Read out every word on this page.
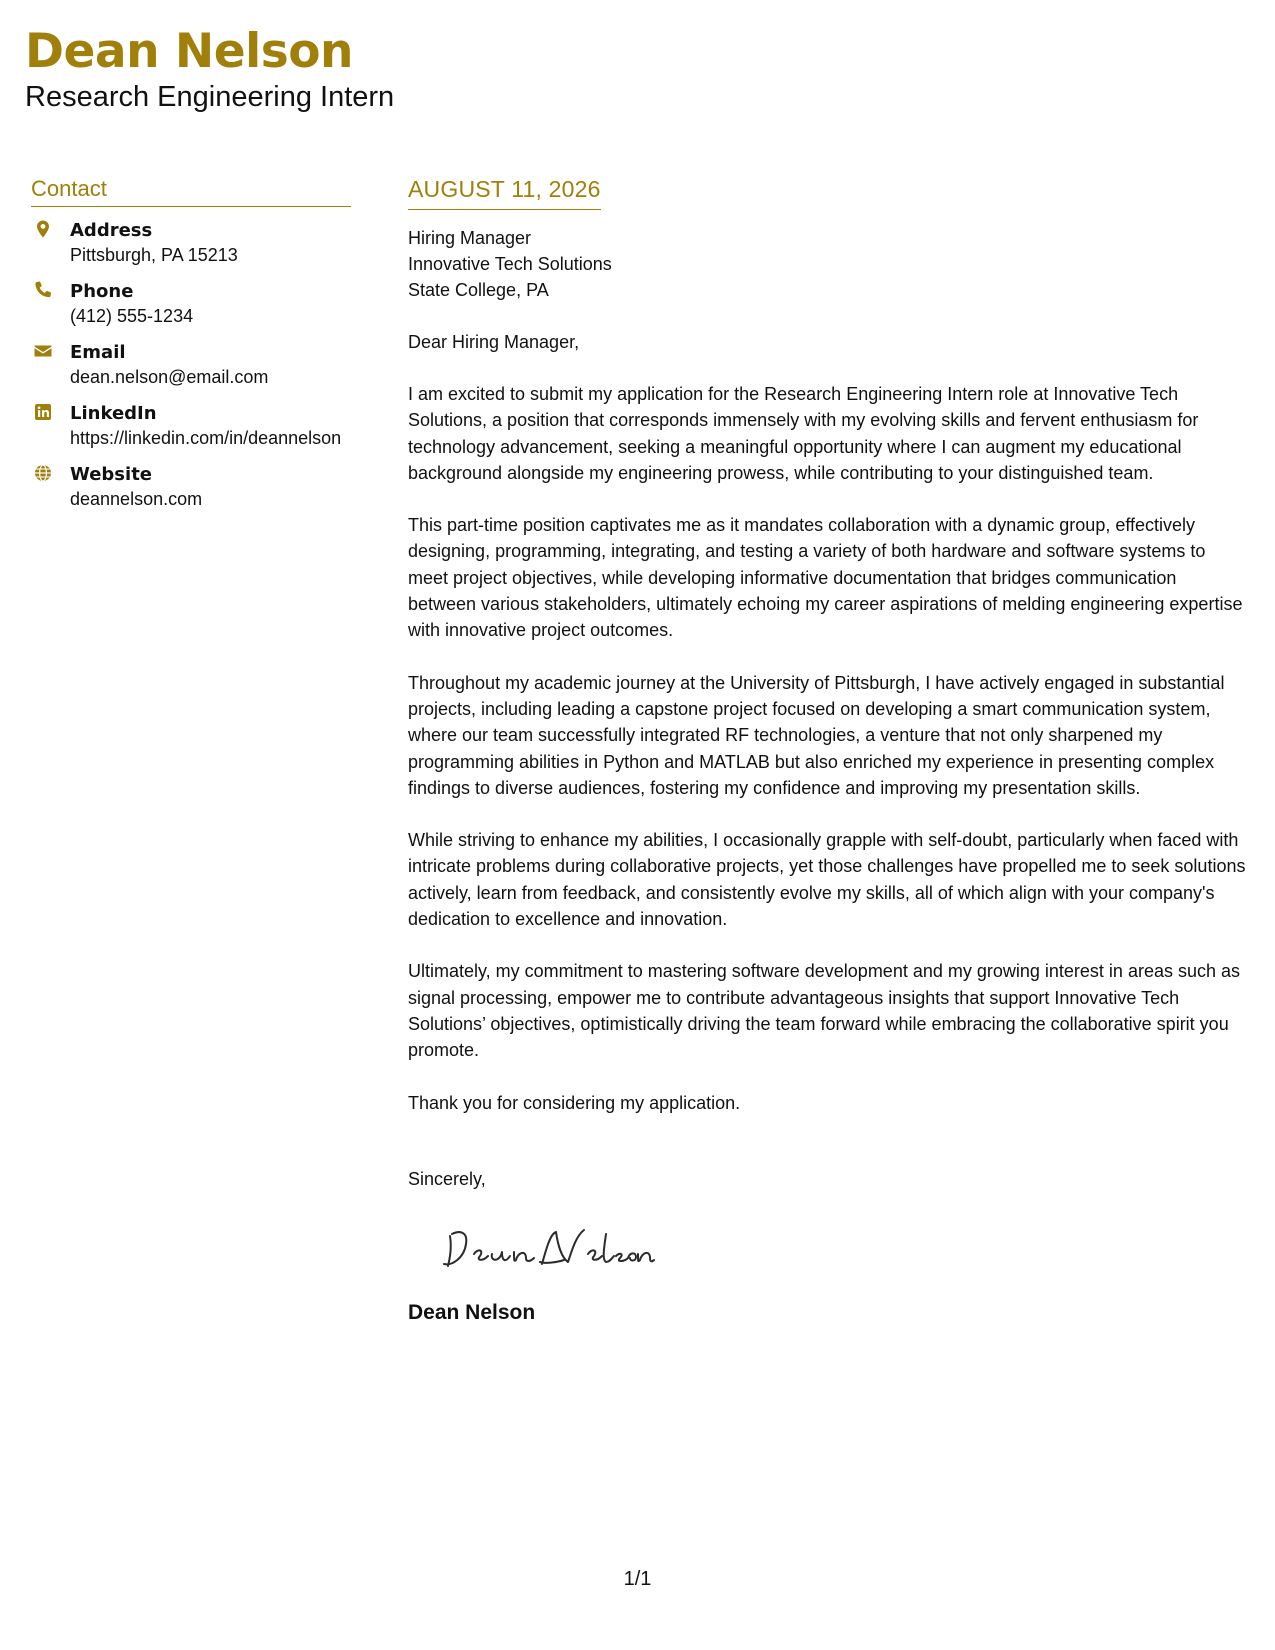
Dean Nelson
Research Engineering Intern
Contact
Address
Pittsburgh, PA 15213
Phone
(412) 555-1234
Email
dean.nelson@email.com
LinkedIn
https://linkedin.com/in/deannelson
Website
deannelson.com
AUGUST 11, 2026
Hiring Manager
Innovative Tech Solutions
State College, PA
Dear Hiring Manager,

I am excited to submit my application for the Research Engineering Intern role at Innovative Tech Solutions, a position that corresponds immensely with my evolving skills and fervent enthusiasm for technology advancement, seeking a meaningful opportunity where I can augment my educational background alongside my engineering prowess, while contributing to your distinguished team.

This part-time position captivates me as it mandates collaboration with a dynamic group, effectively designing, programming, integrating, and testing a variety of both hardware and software systems to meet project objectives, while developing informative documentation that bridges communication between various stakeholders, ultimately echoing my career aspirations of melding engineering expertise with innovative project outcomes.

Throughout my academic journey at the University of Pittsburgh, I have actively engaged in substantial projects, including leading a capstone project focused on developing a smart communication system, where our team successfully integrated RF technologies, a venture that not only sharpened my programming abilities in Python and MATLAB but also enriched my experience in presenting complex findings to diverse audiences, fostering my confidence and improving my presentation skills.

While striving to enhance my abilities, I occasionally grapple with self-doubt, particularly when faced with intricate problems during collaborative projects, yet those challenges have propelled me to seek solutions actively, learn from feedback, and consistently evolve my skills, all of which align with your company's dedication to excellence and innovation.

Ultimately, my commitment to mastering software development and my growing interest in areas such as signal processing, empower me to contribute advantageous insights that support Innovative Tech Solutions’ objectives, optimistically driving the team forward while embracing the collaborative spirit you promote.

Thank you for considering my application.

Sincerely,
Dean Nelson
1/1
